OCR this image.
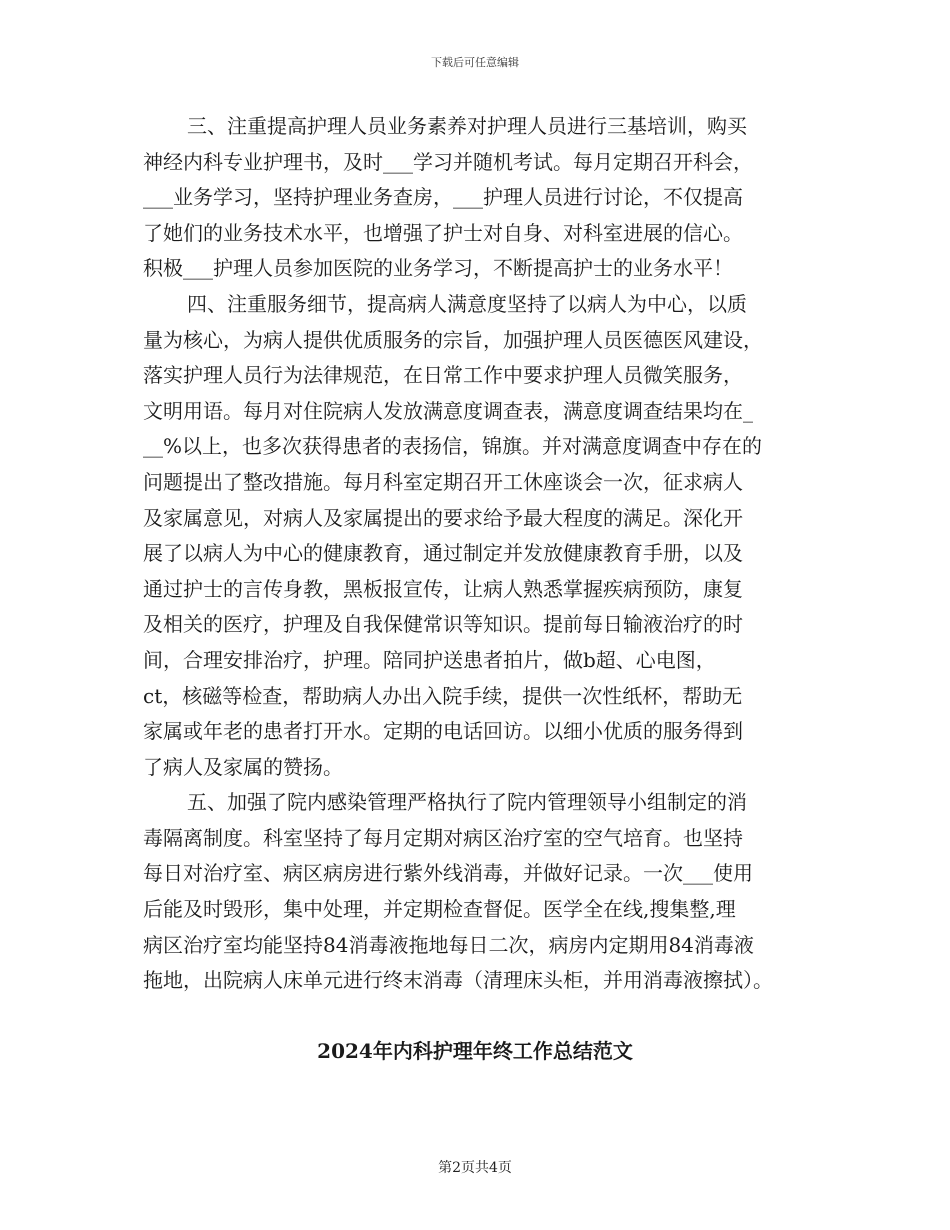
下载后可任意编辑
三、注重提高护理人员业务素养对护理人员进行三基培训，购买
神经内科专业护理书，及时___学习并随机考试。每月定期召开科会，
___业务学习，坚持护理业务查房，___护理人员进行讨论，不仅提高
了她们的业务技术水平，也增强了护士对自身、对科室进展的信心。
积极___护理人员参加医院的业务学习，不断提高护士的业务水平！
四、注重服务细节，提高病人满意度坚持了以病人为中心，以质
量为核心，为病人提供优质服务的宗旨，加强护理人员医德医风建设，
落实护理人员行为法律规范，在日常工作中要求护理人员微笑服务，
文明用语。每月对住院病人发放满意度调查表，满意度调查结果均在_
__%以上，也多次获得患者的表扬信，锦旗。并对满意度调查中存在的
问题提出了整改措施。每月科室定期召开工休座谈会一次，征求病人
及家属意见，对病人及家属提出的要求给予最大程度的满足。深化开
展了以病人为中心的健康教育，通过制定并发放健康教育手册，以及
通过护士的言传身教，黑板报宣传，让病人熟悉掌握疾病预防，康复
及相关的医疗，护理及自我保健常识等知识。提前每日输液治疗的时
间，合理安排治疗，护理。陪同护送患者拍片，做b超、心电图，
ct，核磁等检查，帮助病人办出入院手续，提供一次性纸杯，帮助无
家属或年老的患者打开水。定期的电话回访。以细小优质的服务得到
了病人及家属的赞扬。
五、加强了院内感染管理严格执行了院内管理领导小组制定的消
毒隔离制度。科室坚持了每月定期对病区治疗室的空气培育。也坚持
每日对治疗室、病区病房进行紫外线消毒，并做好记录。一次___使用
后能及时毁形，集中处理，并定期检查督促。医学全在线,搜集整,理
病区治疗室均能坚持84消毒液拖地每日二次，病房内定期用84消毒液
拖地，出院病人床单元进行终末消毒（清理床头柜，并用消毒液擦拭）。
2024年内科护理年终工作总结范文
第2页共4页
